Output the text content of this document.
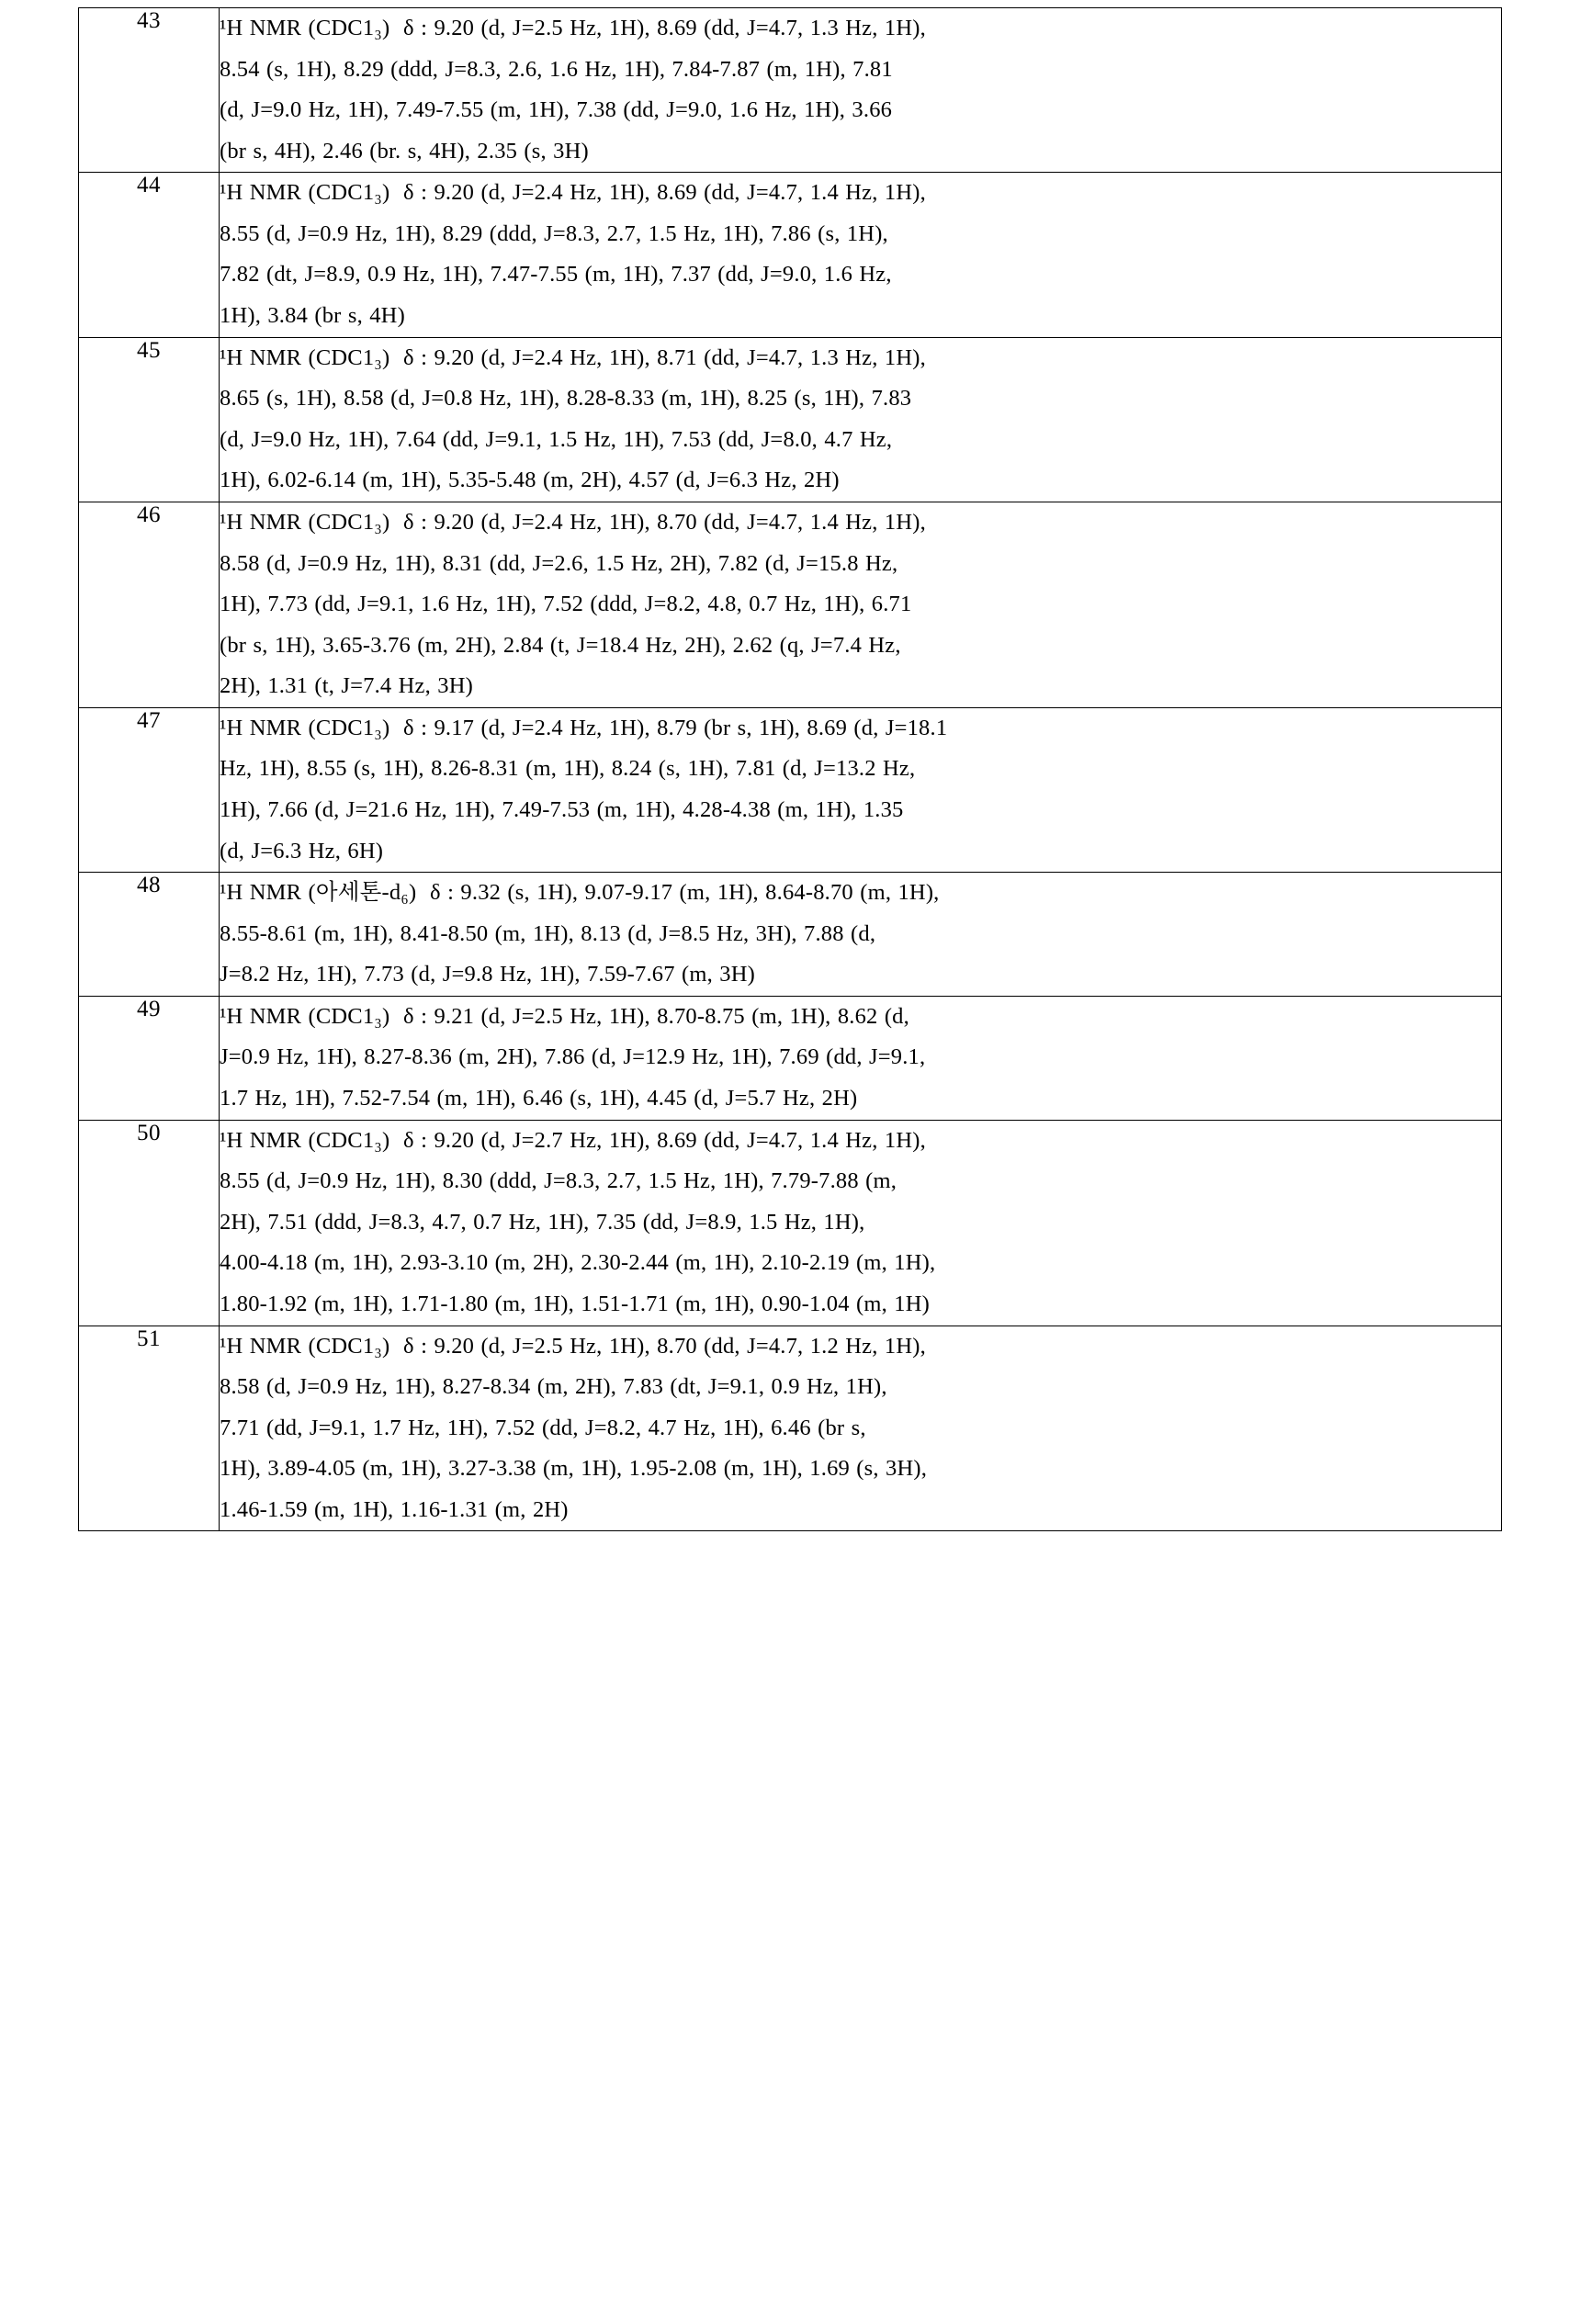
43	¹H NMR (CDC1₃)  δ : 9.20 (d, J=2.5 Hz, 1H), 8.69 (dd, J=4.7, 1.3 Hz, 1H),
8.54 (s, 1H), 8.29 (ddd, J=8.3, 2.6, 1.6 Hz, 1H), 7.84-7.87 (m, 1H), 7.81
(d, J=9.0 Hz, 1H), 7.49-7.55 (m, 1H), 7.38 (dd, J=9.0, 1.6 Hz, 1H), 3.66
(br s, 4H), 2.46 (br. s, 4H), 2.35 (s, 3H)

44	¹H NMR (CDC1₃)  δ : 9.20 (d, J=2.4 Hz, 1H), 8.69 (dd, J=4.7, 1.4 Hz, 1H),
8.55 (d, J=0.9 Hz, 1H), 8.29 (ddd, J=8.3, 2.7, 1.5 Hz, 1H), 7.86 (s, 1H),
7.82 (dt, J=8.9, 0.9 Hz, 1H), 7.47-7.55 (m, 1H), 7.37 (dd, J=9.0, 1.6 Hz,
1H), 3.84 (br s, 4H)

45	¹H NMR (CDC1₃)  δ : 9.20 (d, J=2.4 Hz, 1H), 8.71 (dd, J=4.7, 1.3 Hz, 1H),
8.65 (s, 1H), 8.58 (d, J=0.8 Hz, 1H), 8.28-8.33 (m, 1H), 8.25 (s, 1H), 7.83
(d, J=9.0 Hz, 1H), 7.64 (dd, J=9.1, 1.5 Hz, 1H), 7.53 (dd, J=8.0, 4.7 Hz,
1H), 6.02-6.14 (m, 1H), 5.35-5.48 (m, 2H), 4.57 (d, J=6.3 Hz, 2H)

46	¹H NMR (CDC1₃)  δ : 9.20 (d, J=2.4 Hz, 1H), 8.70 (dd, J=4.7, 1.4 Hz, 1H),
8.58 (d, J=0.9 Hz, 1H), 8.31 (dd, J=2.6, 1.5 Hz, 2H), 7.82 (d, J=15.8 Hz,
1H), 7.73 (dd, J=9.1, 1.6 Hz, 1H), 7.52 (ddd, J=8.2, 4.8, 0.7 Hz, 1H), 6.71
(br s, 1H), 3.65-3.76 (m, 2H), 2.84 (t, J=18.4 Hz, 2H), 2.62 (q, J=7.4 Hz,
2H), 1.31 (t, J=7.4 Hz, 3H)

47	¹H NMR (CDC1₃)  δ : 9.17 (d, J=2.4 Hz, 1H), 8.79 (br s, 1H), 8.69 (d, J=18.1
Hz, 1H), 8.55 (s, 1H), 8.26-8.31 (m, 1H), 8.24 (s, 1H), 7.81 (d, J=13.2 Hz,
1H), 7.66 (d, J=21.6 Hz, 1H), 7.49-7.53 (m, 1H), 4.28-4.38 (m, 1H), 1.35
(d, J=6.3 Hz, 6H)

48	¹H NMR (아세톤-d₆)  δ : 9.32 (s, 1H), 9.07-9.17 (m, 1H), 8.64-8.70 (m, 1H),
8.55-8.61 (m, 1H), 8.41-8.50 (m, 1H), 8.13 (d, J=8.5 Hz, 3H), 7.88 (d,
J=8.2 Hz, 1H), 7.73 (d, J=9.8 Hz, 1H), 7.59-7.67 (m, 3H)

49	¹H NMR (CDC1₃)  δ : 9.21 (d, J=2.5 Hz, 1H), 8.70-8.75 (m, 1H), 8.62 (d,
J=0.9 Hz, 1H), 8.27-8.36 (m, 2H), 7.86 (d, J=12.9 Hz, 1H), 7.69 (dd, J=9.1,
1.7 Hz, 1H), 7.52-7.54 (m, 1H), 6.46 (s, 1H), 4.45 (d, J=5.7 Hz, 2H)

50	¹H NMR (CDC1₃)  δ : 9.20 (d, J=2.7 Hz, 1H), 8.69 (dd, J=4.7, 1.4 Hz, 1H),
8.55 (d, J=0.9 Hz, 1H), 8.30 (ddd, J=8.3, 2.7, 1.5 Hz, 1H), 7.79-7.88 (m,
2H), 7.51 (ddd, J=8.3, 4.7, 0.7 Hz, 1H), 7.35 (dd, J=8.9, 1.5 Hz, 1H),
4.00-4.18 (m, 1H), 2.93-3.10 (m, 2H), 2.30-2.44 (m, 1H), 2.10-2.19 (m, 1H),
1.80-1.92 (m, 1H), 1.71-1.80 (m, 1H), 1.51-1.71 (m, 1H), 0.90-1.04 (m, 1H)

51	¹H NMR (CDC1₃)  δ : 9.20 (d, J=2.5 Hz, 1H), 8.70 (dd, J=4.7, 1.2 Hz, 1H),
8.58 (d, J=0.9 Hz, 1H), 8.27-8.34 (m, 2H), 7.83 (dt, J=9.1, 0.9 Hz, 1H),
7.71 (dd, J=9.1, 1.7 Hz, 1H), 7.52 (dd, J=8.2, 4.7 Hz, 1H), 6.46 (br s,
1H), 3.89-4.05 (m, 1H), 3.27-3.38 (m, 1H), 1.95-2.08 (m, 1H), 1.69 (s, 3H),
1.46-1.59 (m, 1H), 1.16-1.31 (m, 2H)
